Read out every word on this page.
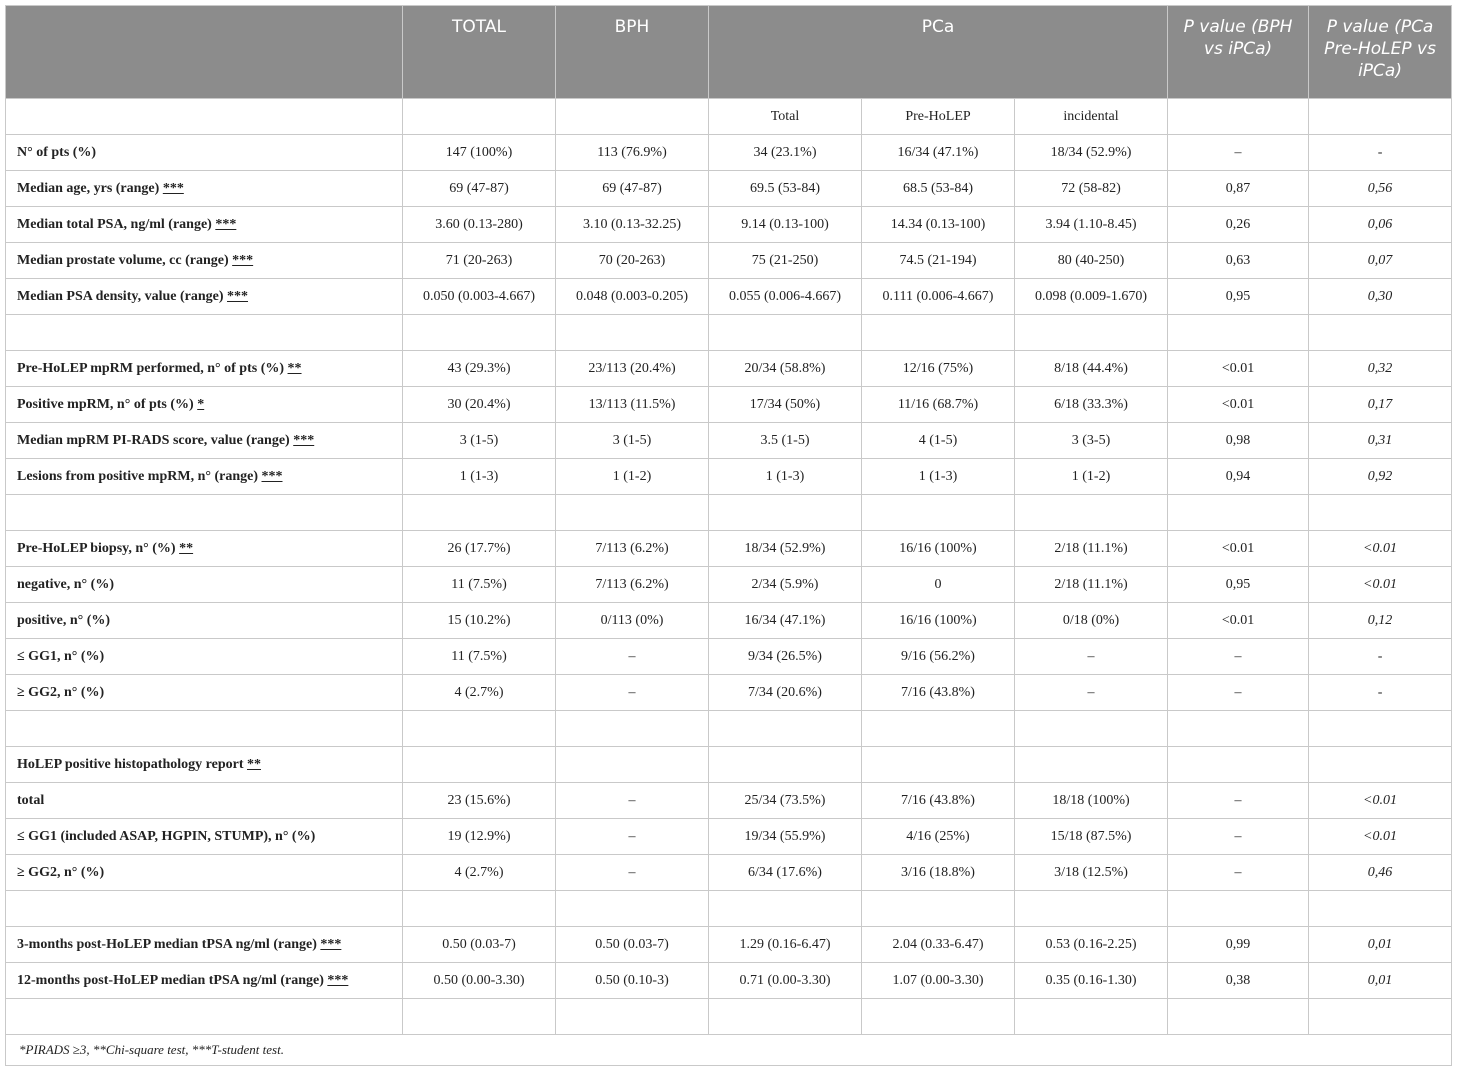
	TOTAL	BPH	PCa			P value (BPH vs iPCa)	P value (PCa Pre-HoLEP vs iPCa)
			Total	Pre-HoLEP	incidental		
N° of pts (%)	147 (100%)	113 (76.9%)	34 (23.1%)	16/34 (47.1%)	18/34 (52.9%)	–	-
Median age, yrs (range) ***	69 (47-87)	69 (47-87)	69.5 (53-84)	68.5 (53-84)	72 (58-82)	0,87	0,56
Median total PSA, ng/ml (range) ***	3.60 (0.13-280)	3.10 (0.13-32.25)	9.14 (0.13-100)	14.34 (0.13-100)	3.94 (1.10-8.45)	0,26	0,06
Median prostate volume, cc (range) ***	71 (20-263)	70 (20-263)	75 (21-250)	74.5 (21-194)	80 (40-250)	0,63	0,07
Median PSA density, value (range) ***	0.050 (0.003-4.667)	0.048 (0.003-0.205)	0.055 (0.006-4.667)	0.111 (0.006-4.667)	0.098 (0.009-1.670)	0,95	0,30

Pre-HoLEP mpRM performed, n° of pts (%) **	43 (29.3%)	23/113 (20.4%)	20/34 (58.8%)	12/16 (75%)	8/18 (44.4%)	<0.01	0,32
Positive mpRM, n° of pts (%) *	30 (20.4%)	13/113 (11.5%)	17/34 (50%)	11/16 (68.7%)	6/18 (33.3%)	<0.01	0,17
Median mpRM PI-RADS score, value (range) ***	3 (1-5)	3 (1-5)	3.5 (1-5)	4 (1-5)	3 (3-5)	0,98	0,31
Lesions from positive mpRM, n° (range) ***	1 (1-3)	1 (1-2)	1 (1-3)	1 (1-3)	1 (1-2)	0,94	0,92

Pre-HoLEP biopsy, n° (%) **	26 (17.7%)	7/113 (6.2%)	18/34 (52.9%)	16/16 (100%)	2/18 (11.1%)	<0.01	<0.01
negative, n° (%)	11 (7.5%)	7/113 (6.2%)	2/34 (5.9%)	0	2/18 (11.1%)	0,95	<0.01
positive, n° (%)	15 (10.2%)	0/113 (0%)	16/34 (47.1%)	16/16 (100%)	0/18 (0%)	<0.01	0,12
≤ GG1, n° (%)	11 (7.5%)	–	9/34 (26.5%)	9/16 (56.2%)	–	–	-
≥ GG2, n° (%)	4 (2.7%)	–	7/34 (20.6%)	7/16 (43.8%)	–	–	-

HoLEP positive histopathology report **							
total	23 (15.6%)	–	25/34 (73.5%)	7/16 (43.8%)	18/18 (100%)	–	<0.01
≤ GG1 (included ASAP, HGPIN, STUMP), n° (%)	19 (12.9%)	–	19/34 (55.9%)	4/16 (25%)	15/18 (87.5%)	–	<0.01
≥ GG2, n° (%)	4 (2.7%)	–	6/34 (17.6%)	3/16 (18.8%)	3/18 (12.5%)	–	0,46

3-months post-HoLEP median tPSA ng/ml (range) ***	0.50 (0.03-7)	0.50 (0.03-7)	1.29 (0.16-6.47)	2.04 (0.33-6.47)	0.53 (0.16-2.25)	0,99	0,01
12-months post-HoLEP median tPSA ng/ml (range) ***	0.50 (0.00-3.30)	0.50 (0.10-3)	0.71 (0.00-3.30)	1.07 (0.00-3.30)	0.35 (0.16-1.30)	0,38	0,01

*PIRADS ≥3, **Chi-square test, ***T-student test.							
